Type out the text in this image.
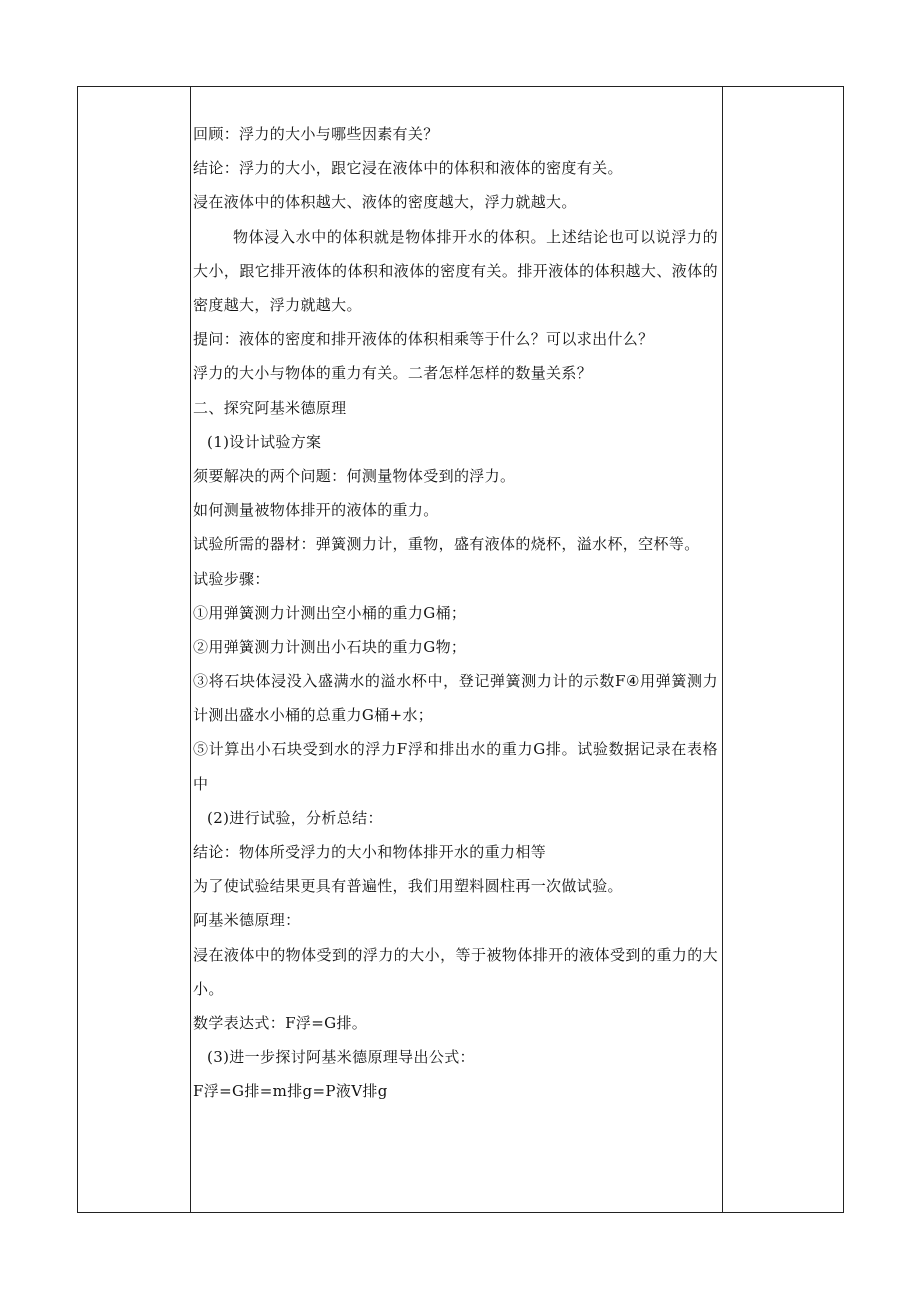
回顾：浮力的大小与哪些因素有关？
结论：浮力的大小，跟它浸在液体中的体积和液体的密度有关。
浸在液体中的体积越大、液体的密度越大，浮力就越大。
物体浸入水中的体积就是物体排开水的体积。上述结论也可以说浮力的大小，跟它排开液体的体积和液体的密度有关。排开液体的体积越大、液体的密度越大，浮力就越大。
提问：液体的密度和排开液体的体积相乘等于什么？可以求出什么？
浮力的大小与物体的重力有关。二者怎样怎样的数量关系？
二、探究阿基米德原理
(1)设计试验方案
须要解决的两个问题：何测量物体受到的浮力。
如何测量被物体排开的液体的重力。
试验所需的器材：弹簧测力计，重物，盛有液体的烧杯，溢水杯，空杯等。
试验步骤：
①用弹簧测力计测出空小桶的重力G桶；
②用弹簧测力计测出小石块的重力G物；
③将石块体浸没入盛满水的溢水杯中，登记弹簧测力计的示数F④用弹簧测力计测出盛水小桶的总重力G桶+水；
⑤计算出小石块受到水的浮力F浮和排出水的重力G排。试验数据记录在表格中
(2)进行试验，分析总结：
结论：物体所受浮力的大小和物体排开水的重力相等
为了使试验结果更具有普遍性，我们用塑料圆柱再一次做试验。
阿基米德原理：
浸在液体中的物体受到的浮力的大小，等于被物体排开的液体受到的重力的大小。
数学表达式：F浮=G排。
(3)进一步探讨阿基米德原理导出公式：
F浮=G排=m排g=P液V排g
